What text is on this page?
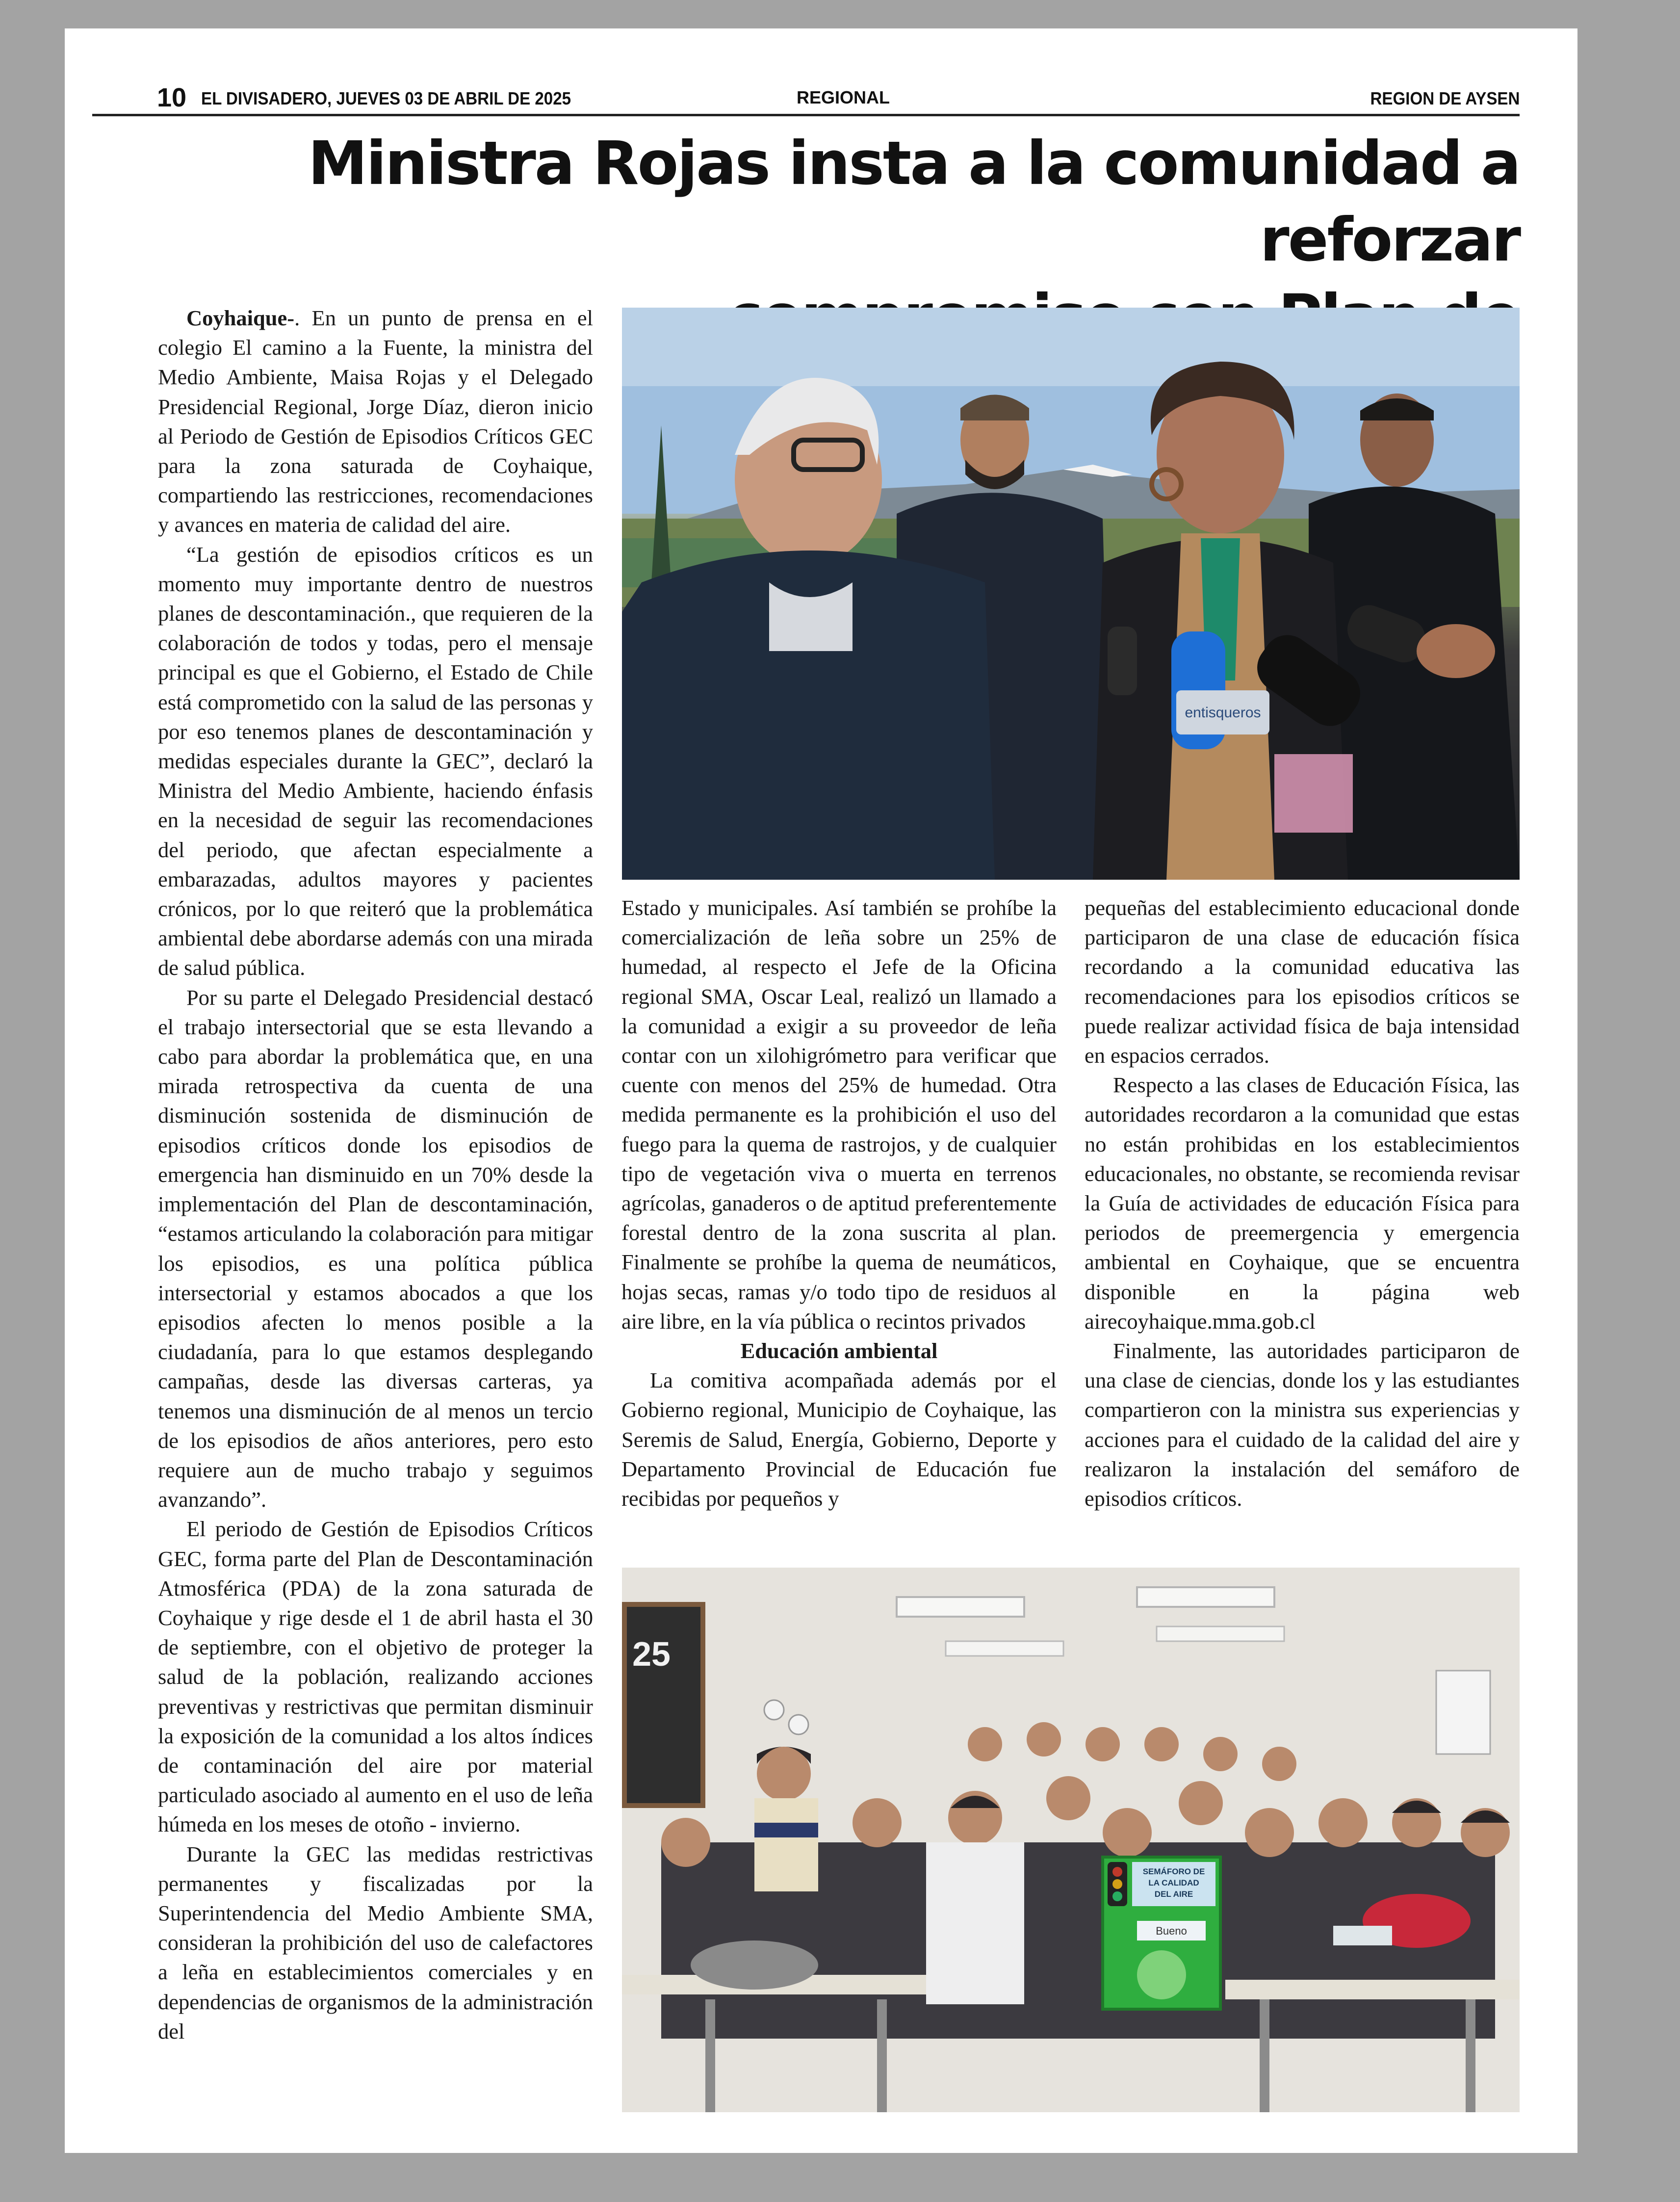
10 EL DIVISADERO, JUEVES 03 DE ABRIL DE 2025	REGIONAL	REGION DE AYSEN
Ministra Rojas insta a la comunidad a reforzar

Coyhaique-. En un punto de prensa en el colegio El camino a la Fuente, la ministra del Medio Ambiente, Maisa Rojas y el Delegado Presidencial Regional, Jorge Díaz, dieron inicio al Periodo de Gestión de Episodios Críticos GEC para la zona saturada de Coyhaique, compartiendo las restricciones, recomendaciones y avances en materia de calidad del aire.

“La gestión de episodios críticos es un momento muy importante dentro de nuestros planes de descontaminación., que requieren de la colaboración de todos y todas, pero el mensaje principal es que el Gobierno, el Estado de Chile está comprometido con la salud de las personas y por eso tenemos planes de descontaminación y medidas especiales durante la GEC”, declaró la Ministra del Medio Ambiente, haciendo énfasis en la necesidad de seguir las recomendaciones del periodo, que afectan especialmente a embarazadas, adultos mayores y pacientes crónicos, por lo que reiteró que la problemática ambiental debe abordarse además con una mirada de salud pública.

Por su parte el Delegado Presidencial destacó el trabajo intersectorial que se esta llevando a cabo para abordar la problemática que, en una mirada retrospectiva da cuenta de una disminución sostenida de disminución de episodios críticos donde los episodios de emergencia han disminuido en un 70% desde la implementación del Plan de descontaminación, “estamos articulando la colaboración para mitigar los episodios, es una política pública intersectorial y estamos abocados a que los episodios afecten lo menos posible a la ciudadanía, para lo que estamos desplegando campañas, desde las diversas carteras, ya tenemos una disminución de al menos un tercio de los episodios de años anteriores, pero esto requiere aun de mucho trabajo y seguimos avanzando”.

El periodo de Gestión de Episodios Críticos GEC, forma parte del Plan de Descontaminación Atmosférica (PDA) de la zona saturada de Coyhaique y rige desde el 1 de abril hasta el 30 de septiembre, con el objetivo de proteger la salud de la población, realizando acciones preventivas y restrictivas que permitan disminuir la exposición de la comunidad a los altos índices de contaminación del aire por material particulado asociado al aumento en el uso de leña húmeda en los meses de otoño - invierno.

Durante la GEC las medidas restrictivas permanentes y fiscalizadas por la Superintendencia del Medio Ambiente SMA, consideran la prohibición del uso de calefactores a leña en establecimientos comerciales y en dependencias de organismos de la administración del

Estado y municipales. Así también se prohíbe la comercialización de leña sobre un 25% de humedad, al respecto el Jefe de la Oficina regional SMA, Oscar Leal, realizó un llamado a la comunidad a exigir a su proveedor de leña contar con un xilohigrómetro para verificar que cuente con menos del 25% de humedad. Otra medida permanente es la prohibición el uso del fuego para la quema de rastrojos, y de cualquier tipo de vegetación viva o muerta en terrenos agrícolas, ganaderos o de aptitud preferentemente forestal dentro de la zona suscrita al plan. Finalmente se prohíbe la quema de neumáticos, hojas secas, ramas y/o todo tipo de residuos al aire libre, en la vía pública o recintos privados

Educación ambiental

La comitiva acompañada además por el Gobierno regional, Municipio de Coyhaique, las Seremis de Salud, Energía, Gobierno, Deporte y Departamento Provincial de Educación fue recibidas por pequeños y

pequeñas del establecimiento educacional donde participaron de una clase de educación física recordando a la comunidad educativa las recomendaciones para los episodios críticos se puede realizar actividad física de baja intensidad en espacios cerrados.

Respecto a las clases de Educación Física, las autoridades recordaron a la comunidad que estas no están prohibidas en los establecimientos educacionales, no obstante, se recomienda revisar la Guía de actividades de educación Física para periodos de preemergencia y emergencia ambiental en Coyhaique, que se encuentra disponible en la página web airecoyhaique.mma.gob.cl

Finalmente, las autoridades participaron de una clase de ciencias, donde los y las estudiantes compartieron con la ministra sus experiencias y acciones para el cuidado de la calidad del aire y realizaron la instalación del semáforo de episodios críticos.

entisqueros
25
SEMÁFORO DE
LA CALIDAD
DEL AIRE
Bueno
